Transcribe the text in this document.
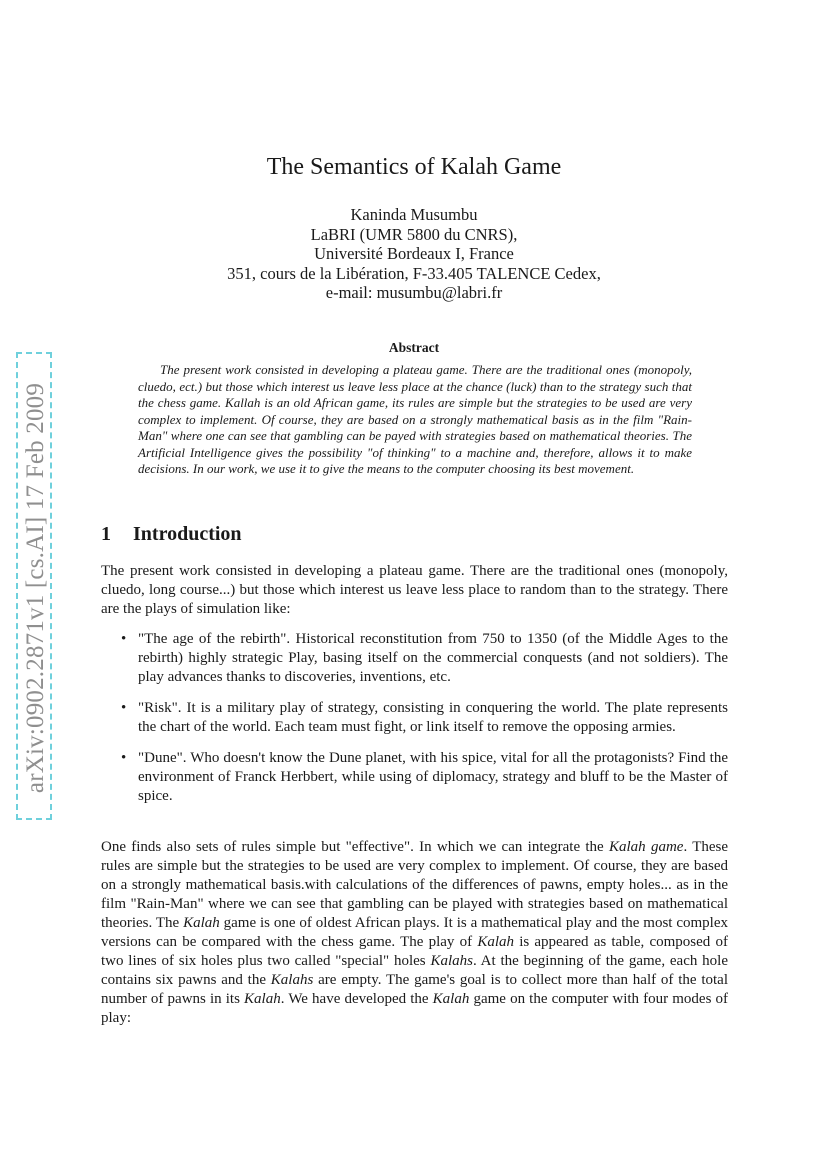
arXiv:0902.2871v1 [cs.AI] 17 Feb 2009
The Semantics of Kalah Game
Kaninda Musumbu
LaBRI (UMR 5800 du CNRS),
Université Bordeaux I, France
351, cours de la Libération, F-33.405 TALENCE Cedex,
e-mail: musumbu@labri.fr
Abstract
The present work consisted in developing a plateau game. There are the traditional ones (monopoly, cluedo, ect.) but those which interest us leave less place at the chance (luck) than to the strategy such that the chess game. Kallah is an old African game, its rules are simple but the strategies to be used are very complex to implement. Of course, they are based on a strongly mathematical basis as in the film "Rain-Man" where one can see that gambling can be payed with strategies based on mathematical theories. The Artificial Intelligence gives the possibility "of thinking" to a machine and, therefore, allows it to make decisions. In our work, we use it to give the means to the computer choosing its best movement.
1 Introduction
The present work consisted in developing a plateau game. There are the traditional ones (monopoly, cluedo, long course...) but those which interest us leave less place to random than to the strategy. There are the plays of simulation like:
• "The age of the rebirth". Historical reconstitution from 750 to 1350 (of the Middle Ages to the rebirth) highly strategic Play, basing itself on the commercial conquests (and not soldiers). The play advances thanks to discoveries, inventions, etc.
• "Risk". It is a military play of strategy, consisting in conquering the world. The plate represents the chart of the world. Each team must fight, or link itself to remove the opposing armies.
• "Dune". Who doesn't know the Dune planet, with his spice, vital for all the protagonists? Find the environment of Franck Herbbert, while using of diplomacy, strategy and bluff to be the Master of spice.
One finds also sets of rules simple but "effective". In which we can integrate the Kalah game. These rules are simple but the strategies to be used are very complex to implement. Of course, they are based on a strongly mathematical basis.with calculations of the differences of pawns, empty holes... as in the film "Rain-Man" where we can see that gambling can be played with strategies based on mathematical theories. The Kalah game is one of oldest African plays. It is a mathematical play and the most complex versions can be compared with the chess game. The play of Kalah is appeared as table, composed of two lines of six holes plus two called "special" holes Kalahs. At the beginning of the game, each hole contains six pawns and the Kalahs are empty. The game's goal is to collect more than half of the total number of pawns in its Kalah. We have developed the Kalah game on the computer with four modes of play:
